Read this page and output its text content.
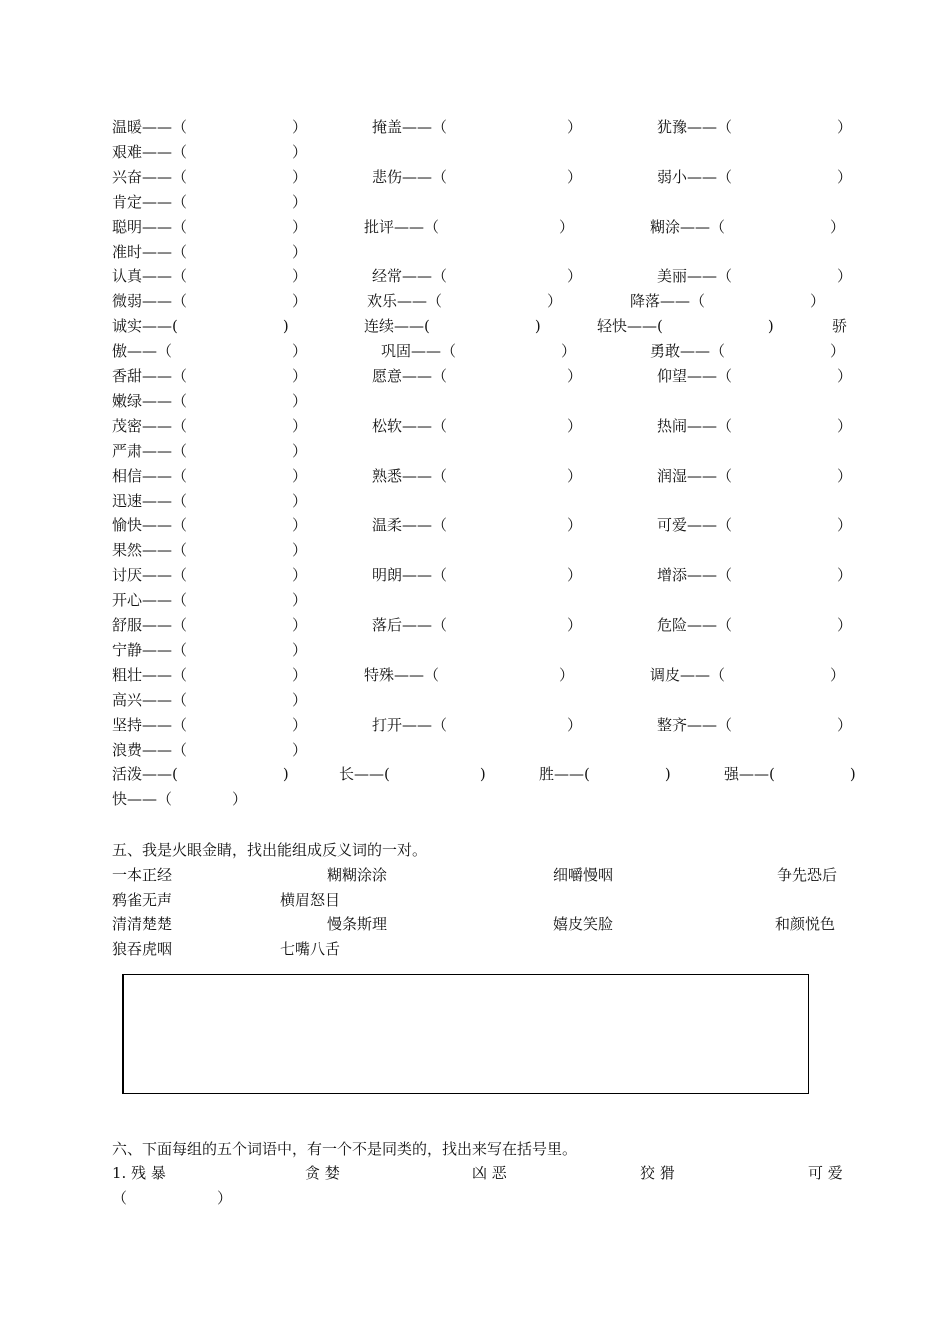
温暖——（　　　　　　　）	掩盖——（　　　　　　　　）	犹豫——（　　　　　　　）
艰难——（　　　　　　　）
兴奋——（　　　　　　　）	悲伤——（　　　　　　　　）	弱小——（　　　　　　　）
肯定——（　　　　　　　）
聪明——（　　　　　　　）	批评——（　　　　　　　　）	糊涂——（　　　　　　　）
准时——（　　　　　　　）
认真——（　　　　　　　）	经常——（　　　　　　　　）	美丽——（　　　　　　　）
微弱——（　　　　　　　）	欢乐——（　　　　　　　）	降落——（　　　　　　　）
诚实——(　　　　　　　)	连续——(　　　　　　　)	轻快——(　　　　　　　)	骄
傲——（　　　　　　　　）	巩固——（　　　　　　　）	勇敢——（　　　　　　　）
香甜——（　　　　　　　）	愿意——（　　　　　　　　）	仰望——（　　　　　　　）
嫩绿——（　　　　　　　）
茂密——（　　　　　　　）	松软——（　　　　　　　　）	热闹——（　　　　　　　）
严肃——（　　　　　　　）
相信——（　　　　　　　）	熟悉——（　　　　　　　　）	润湿——（　　　　　　　）
迅速——（　　　　　　　）
愉快——（　　　　　　　）	温柔——（　　　　　　　　）	可爱——（　　　　　　　）
果然——（　　　　　　　）
讨厌——（　　　　　　　）	明朗——（　　　　　　　　）	增添——（　　　　　　　）
开心——（　　　　　　　）
舒服——（　　　　　　　）	落后——（　　　　　　　　）	危险——（　　　　　　　）
宁静——（　　　　　　　）
粗壮——（　　　　　　　）	特殊——（　　　　　　　　）	调皮——（　　　　　　　）
高兴——（　　　　　　　）
坚持——（　　　　　　　）	打开——（　　　　　　　　）	整齐——（　　　　　　　）
浪费——（　　　　　　　）
活泼——(　　　　　　　)	长——(　　　　　　)	胜——(　　　　　)	强——(　　　　　)
快——（　　　　）
五、我是火眼金睛，找出能组成反义词的一对。
一本正经	糊糊涂涂	细嚼慢咽	争先恐后
鸦雀无声	横眉怒目
清清楚楚	慢条斯理	嬉皮笑脸	和颜悦色
狼吞虎咽	七嘴八舌
六、下面每组的五个词语中，有一个不是同类的，找出来写在括号里。
1. 残 暴	贪 婪	凶 恶	狡 猾	可 爱
（　　　　　　）
